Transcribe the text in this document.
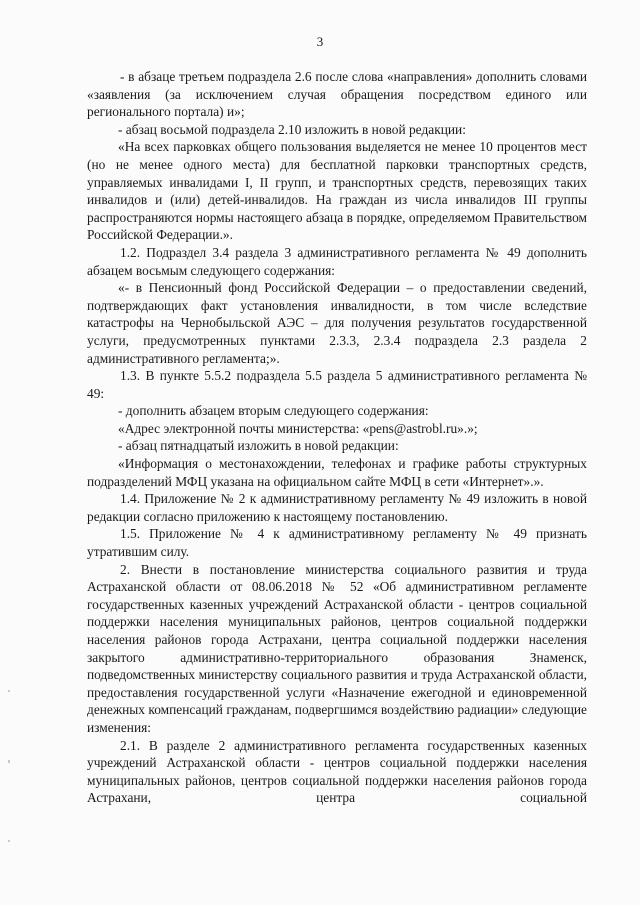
3

- в абзаце третьем подраздела 2.6 после слова «направления» дополнить словами «заявления (за исключением случая обращения посредством единого или регионального портала) и»;

- абзац восьмой подраздела 2.10 изложить в новой редакции:

«На всех парковках общего пользования выделяется не менее 10 процентов мест (но не менее одного места) для бесплатной парковки транспортных средств, управляемых инвалидами I, II групп, и транспортных средств, перевозящих таких инвалидов и (или) детей-инвалидов. На граждан из числа инвалидов III группы распространяются нормы настоящего абзаца в порядке, определяемом Правительством Российской Федерации.».

1.2. Подраздел 3.4 раздела 3 административного регламента № 49 дополнить абзацем восьмым следующего содержания:

«- в Пенсионный фонд Российской Федерации – о предоставлении сведений, подтверждающих факт установления инвалидности, в том числе вследствие катастрофы на Чернобыльской АЭС – для получения результатов государственной услуги, предусмотренных пунктами 2.3.3, 2.3.4 подраздела 2.3 раздела 2 административного регламента;».

1.3. В пункте 5.5.2 подраздела 5.5 раздела 5 административного регламента № 49:

- дополнить абзацем вторым следующего содержания:

«Адрес электронной почты министерства: «pens@astrobl.ru».»;

- абзац пятнадцатый изложить в новой редакции:

«Информация о местонахождении, телефонах и графике работы структурных подразделений МФЦ указана на официальном сайте МФЦ в сети «Интернет».».

1.4. Приложение № 2 к административному регламенту № 49 изложить в новой редакции согласно приложению к настоящему постановлению.

1.5. Приложение № 4 к административному регламенту № 49 признать утратившим силу.

2. Внести в постановление министерства социального развития и труда Астраханской области от 08.06.2018 № 52 «Об административном регламенте государственных казенных учреждений Астраханской области - центров социальной поддержки населения муниципальных районов, центров социальной поддержки населения районов города Астрахани, центра социальной поддержки населения закрытого административно-территориального образования Знаменск, подведомственных министерству социального развития и труда Астраханской области, предоставления государственной услуги «Назначение ежегодной и единовременной денежных компенсаций гражданам, подвергшимся воздействию радиации» следующие изменения:

2.1. В разделе 2 административного регламента государственных казенных учреждений Астраханской области - центров социальной поддержки населения муниципальных районов, центров социальной поддержки населения районов города Астрахани, центра социальной
